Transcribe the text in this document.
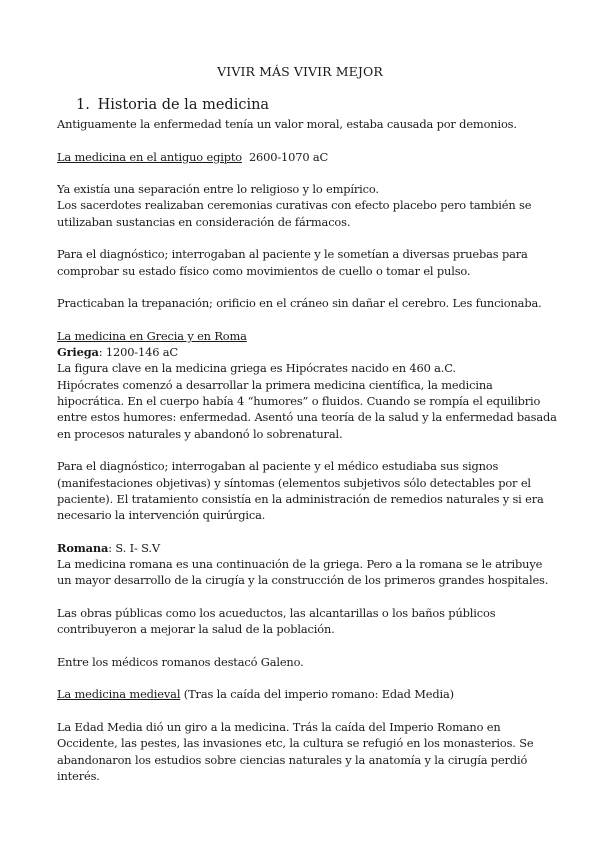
VIVIR MÁS VIVIR MEJOR
1. Historia de la medicina

Antiguamente la enfermedad tenía un valor moral, estaba causada por demonios.

La medicina en el antiguo egipto 2600-1070 aC

Ya existía una separación entre lo religioso y lo empírico.

Los sacerdotes realizaban ceremonias curativas con efecto placebo pero también se utilizaban sustancias en consideración de fármacos.

Para el diagnóstico; interrogaban al paciente y le sometían a diversas pruebas para comprobar su estado físico como movimientos de cuello o tomar el pulso.

Practicaban la trepanación; orificio en el cráneo sin dañar el cerebro. Les funcionaba.

La medicina en Grecia y en Roma

Griega: 1200-146 aC

La figura clave en la medicina griega es Hipócrates nacido en 460 a.C.

Hipócrates comenzó a desarrollar la primera medicina científica, la medicina hipocrática. En el cuerpo había 4 “humores” o fluidos. Cuando se rompía el equilibrio entre estos humores: enfermedad. Asentó una teoría de la salud y la enfermedad basada en procesos naturales y abandonó lo sobrenatural.

Para el diagnóstico; interrogaban al paciente y el médico estudiaba sus signos (manifestaciones objetivas) y síntomas (elementos subjetivos sólo detectables por el paciente). El tratamiento consistía en la administración de remedios naturales y si era necesario la intervención quirúrgica.

Romana: S. I- S.V

La medicina romana es una continuación de la griega. Pero a la romana se le atribuye un mayor desarrollo de la cirugía y la construcción de los primeros grandes hospitales.

Las obras públicas como los acueductos, las alcantarillas o los baños públicos contribuyeron a mejorar la salud de la población.

Entre los médicos romanos destacó Galeno.

La medicina medieval (Tras la caída del imperio romano: Edad Media)

La Edad Media dió un giro a la medicina. Trás la caída del Imperio Romano en Occidente, las pestes, las invasiones etc, la cultura se refugió en los monasterios. Se abandonaron los estudios sobre ciencias naturales y la anatomía y la cirugía perdió interés.
